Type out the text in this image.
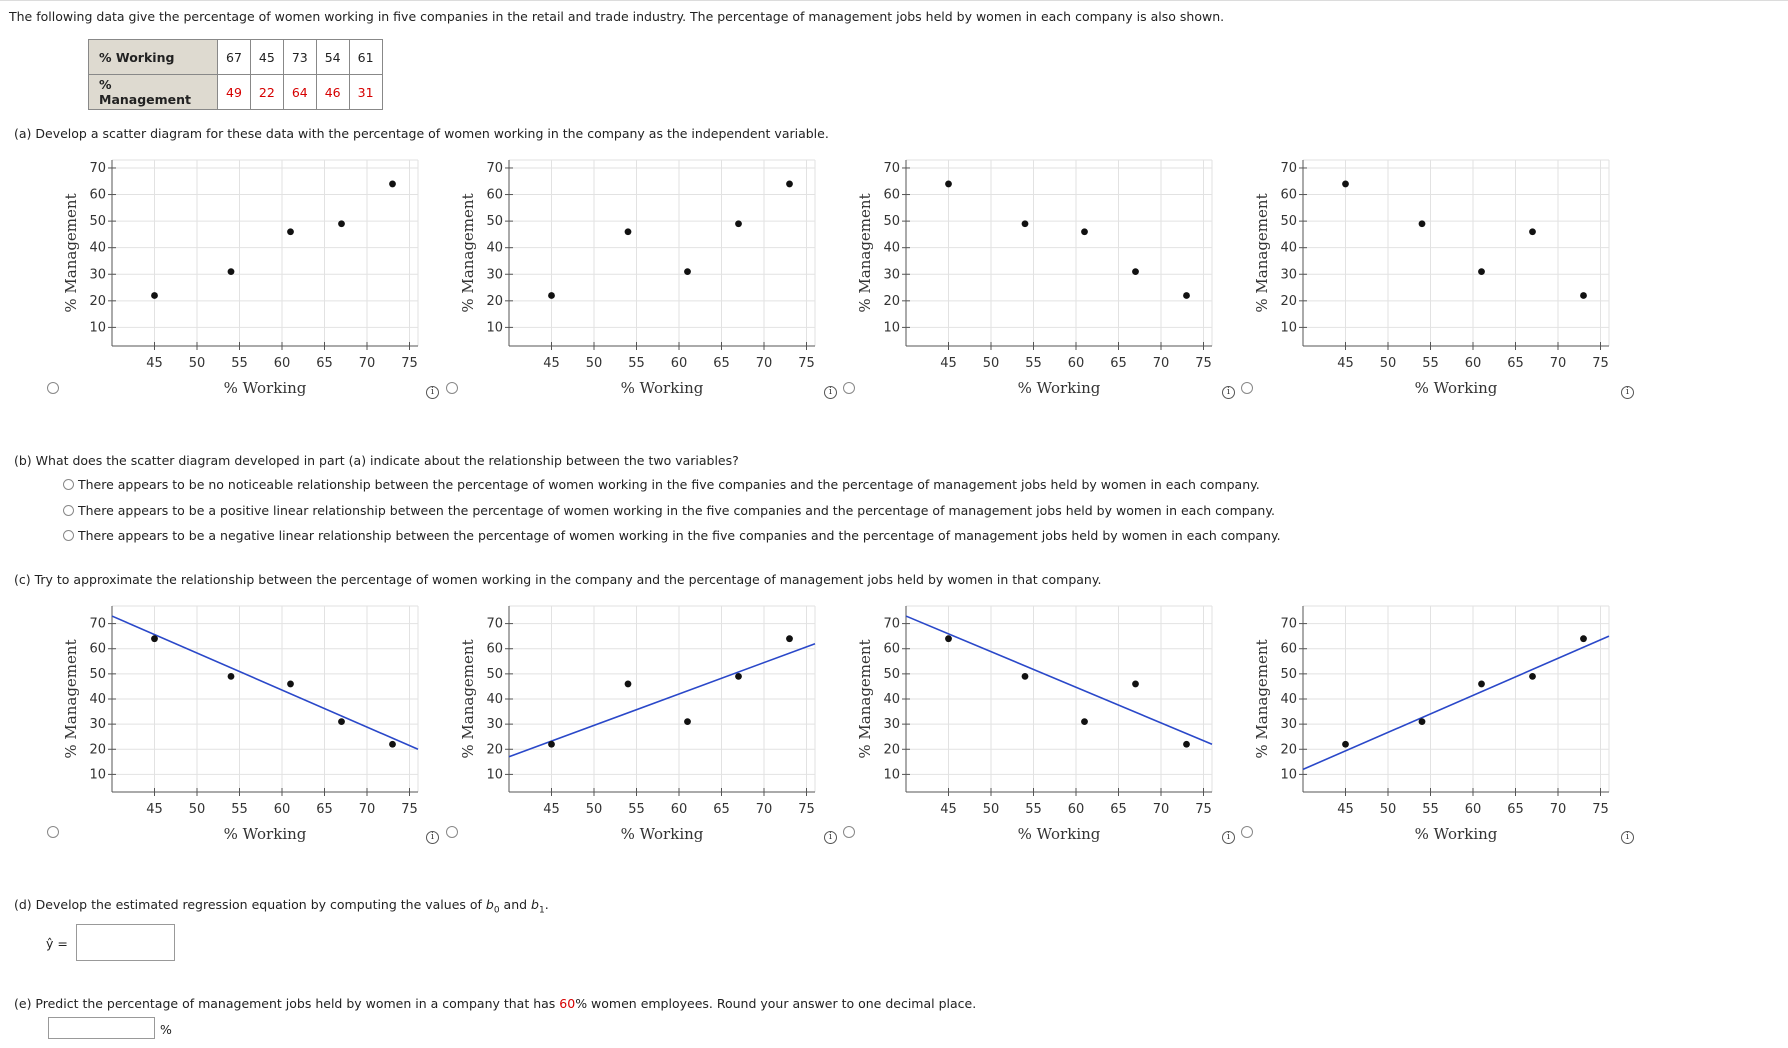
The following data give the percentage of women working in five companies in the retail and trade industry. The percentage of management jobs held by women in each company is also shown.
% Working	67	45	73	54	61
% Management	49	22	64	46	31
(a) Develop a scatter diagram for these data with the percentage of women working in the company as the independent variable.
45 50 55 60 65 70 75
10
20
30
40
50
60
70
% Working
% Management
45 50 55 60 65 70 75
10
20
30
40
50
60
70
% Working
% Management
45 50 55 60 65 70 75
10
20
30
40
50
60
70
% Working
% Management
45 50 55 60 65 70 75
10
20
30
40
50
60
70
% Working
% Management
i	i	i	i
(b) What does the scatter diagram developed in part (a) indicate about the relationship between the two variables?
There appears to be no noticeable relationship between the percentage of women working in the five companies and the percentage of management jobs held by women in each company.
There appears to be a positive linear relationship between the percentage of women working in the five companies and the percentage of management jobs held by women in each company.
There appears to be a negative linear relationship between the percentage of women working in the five companies and the percentage of management jobs held by women in each company.
(c) Try to approximate the relationship between the percentage of women working in the company and the percentage of management jobs held by women in that company.
45 50 55 60 65 70 75
10
20
30
40
50
60
70
% Working
% Management
45 50 55 60 65 70 75
10
20
30
40
50
60
70
% Working
% Management
45 50 55 60 65 70 75
10
20
30
40
50
60
70
% Working
% Management
45 50 55 60 65 70 75
10
20
30
40
50
60
70
% Working
% Management
i	i	i	i
(d) Develop the estimated regression equation by computing the values of $b_0$ and $b_1$.
ŷ =
(e) Predict the percentage of management jobs held by women in a company that has 60% women employees. Round your answer to one decimal place.
%
